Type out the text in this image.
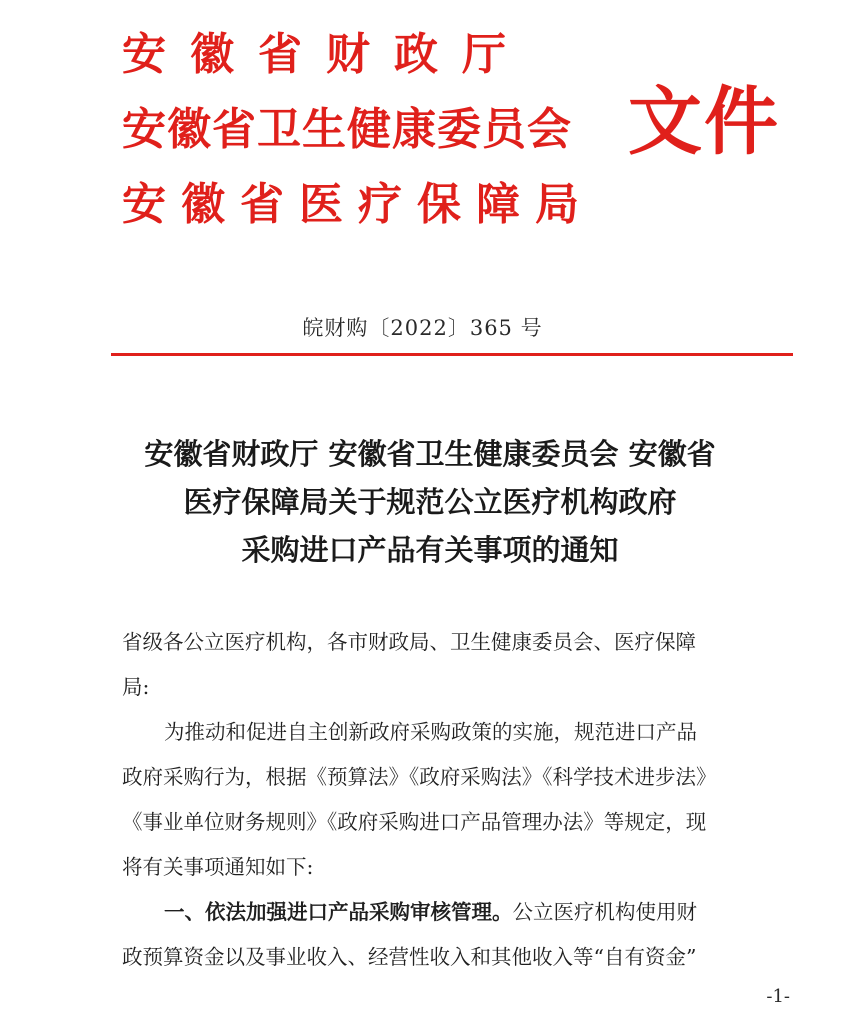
安徽省财政厅
安徽省卫生健康委员会
安徽省医疗保障局
文件
皖财购〔2022〕365 号
安徽省财政厅 安徽省卫生健康委员会 安徽省
医疗保障局关于规范公立医疗机构政府
采购进口产品有关事项的通知
省级各公立医疗机构，各市财政局、卫生健康委员会、医疗保障
局:
为推动和促进自主创新政府采购政策的实施，规范进口产品
政府采购行为，根据《预算法》《政府采购法》《科学技术进步法》
《事业单位财务规则》《政府采购进口产品管理办法》等规定，现
将有关事项通知如下:
一、依法加强进口产品采购审核管理。公立医疗机构使用财
政预算资金以及事业收入、经营性收入和其他收入等“自有资金”
-1-
